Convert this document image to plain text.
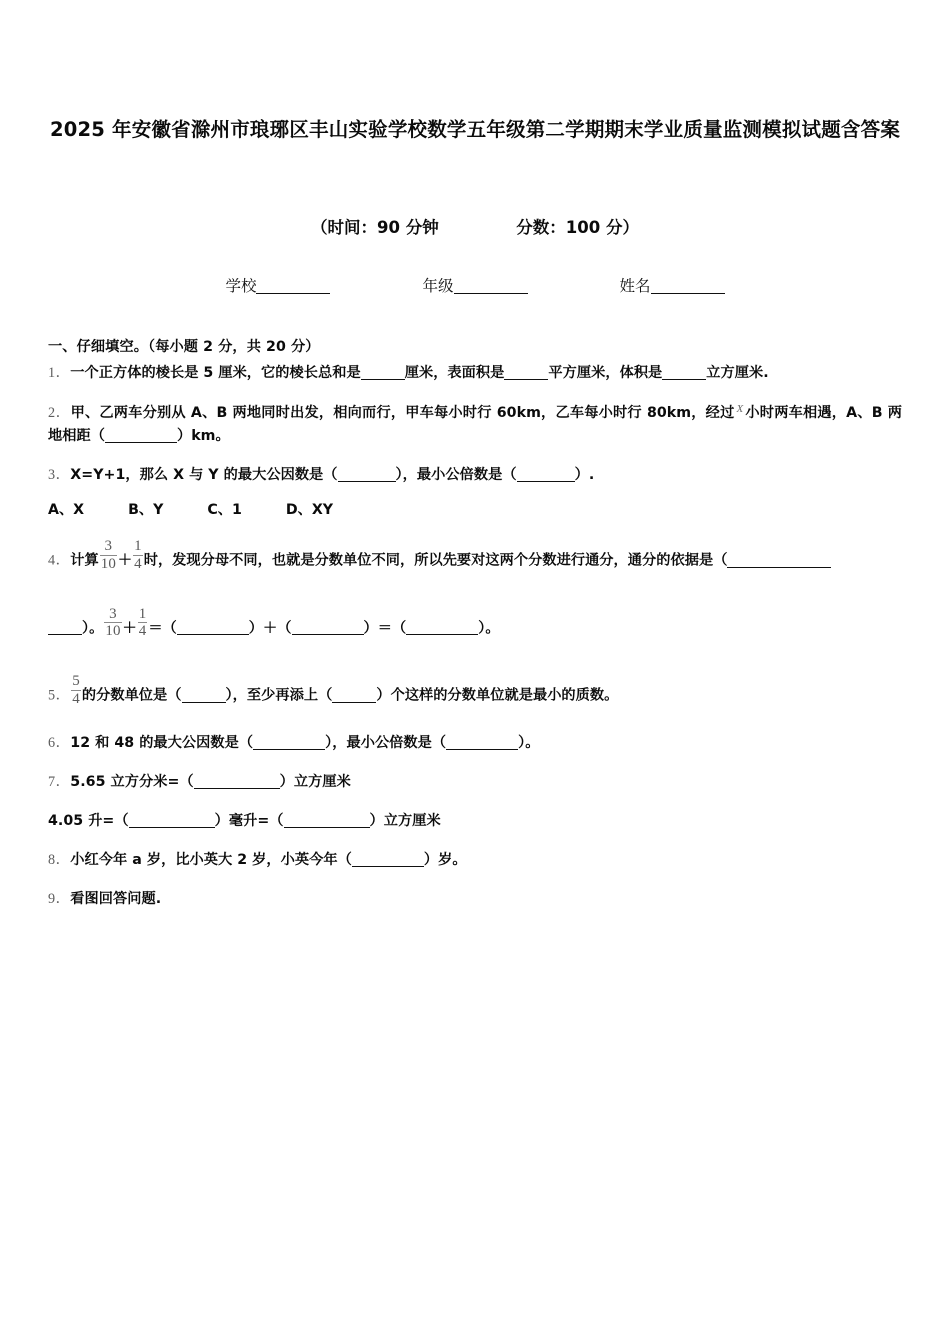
2025 年安徽省滁州市琅琊区丰山实验学校数学五年级第二学期期末学业质量监测模拟试题含答案

（时间：90 分钟	分数：100 分）

学校	年级	姓名

一、仔细填空。（每小题 2 分，共 20 分）

1．一个正方体的棱长是 5 厘米，它的棱长总和是	厘米，表面积是	平方厘米，体积是	立方厘米.

2．甲、乙两车分别从 A、B 两地同时出发，相向而行，甲车每小时行 60km，乙车每小时行 80km，经过 $^X$ 小时两车相遇，A、B 两地相距（	）km。

3．X=Y+1，那么 X 与 Y 的最大公因数是（	），最小公倍数是（	）.

A、X	B、Y	C、1	D、XY

4．计算 $\frac{3}{10} + \frac{1}{4}$ 时，发现分母不同，也就是分数单位不同，所以先要对这两个分数进行通分，通分的依据是（

）。 $\frac{3}{10} + \frac{1}{4}$ ＝（	）＋（	）＝（	）。

5． $\frac{5}{4}$ 的分数单位是（	），至少再添上（	）个这样的分数单位就是最小的质数。

6．12 和 48 的最大公因数是（	），最小公倍数是（	）。

7．5.65 立方分米=（	）立方厘米

4.05 升=（	）毫升=（	）立方厘米

8．小红今年 a 岁，比小英大 2 岁，小英今年（	）岁。

9．看图回答问题.
